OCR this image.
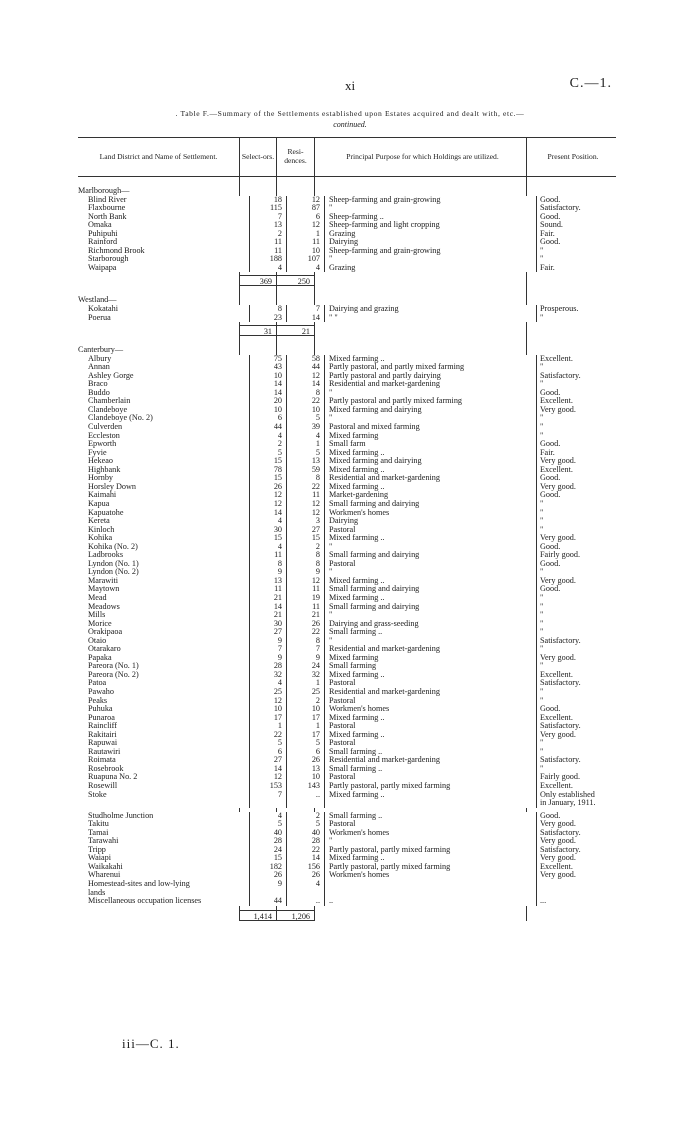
xi	C.—1.
. Table F.—Summary of the Settlements established upon Estates acquired and dealt with, etc.—
continued.
Land District and Name of Settlement.	Select-ors.	Resi-dences.	Principal Purpose for which Holdings are utilized.	Present Position.
Marlborough—
Blind River	18	12	Sheep-farming and grain-growing	Good.
Flaxbourne	115	87	"	Satisfactory.
North Bank	7	6	Sheep-farming ..	Good.
Omaka	13	12	Sheep-farming and light cropping	Sound.
Puhipuhi	2	1	Grazing	Fair.
Rainford	11	11	Dairying	Good.
Richmond Brook	11	10	Sheep-farming and grain-growing	"
Starborough	188	107	"	"
Waipapa	4	4	Grazing	Fair.
369	250
Westland—
Kokatahi	8	7	Dairying and grazing	Prosperous.
Poerua	23	14	" "	"
31	21
Canterbury—
Albury	75	58	Mixed farming ..	Excellent.
Annan	43	44	Partly pastoral, and partly mixed farming	"
Ashley Gorge	10	12	Partly pastoral and partly dairying	Satisfactory.
Braco	14	14	Residential and market-gardening	"
Buddo	14	8	"	Good.
Chamberlain	20	22	Partly pastoral and partly mixed farming	Excellent.
Clandeboye	10	10	Mixed farming and dairying	Very good.
Clandeboye (No. 2)	6	5	"	"
Culverden	44	39	Pastoral and mixed farming	"
Eccleston	4	4	Mixed farming	"
Epworth	2	1	Small farm	Good.
Fyvie	5	5	Mixed farming ..	Fair.
Hekeao	15	13	Mixed farming and dairying	Very good.
Highbank	78	59	Mixed farming ..	Excellent.
Hornby	15	8	Residential and market-gardening	Good.
Horsley Down	26	22	Mixed farming ..	Very good.
Kaimahi	12	11	Market-gardening	Good.
Kapua	12	12	Small farming and dairying	"
Kapuatohe	14	12	Workmen's homes	"
Kereta	4	3	Dairying	"
Kinloch	30	27	Pastoral	"
Kohika	15	15	Mixed farming ..	Very good.
Kohika (No. 2)	4	2	"	Good.
Ladbrooks	11	8	Small farming and dairying	Fairly good.
Lyndon (No. 1)	8	8	Pastoral	Good.
Lyndon (No. 2)	9	9	"	"
Marawiti	13	12	Mixed farming ..	Very good.
Maytown	11	11	Small farming and dairying	Good.
Mead	21	19	Mixed farming ..	"
Meadows	14	11	Small farming and dairying	"
Mills	21	21	"	"
Morice	30	26	Dairying and grass-seeding	"
Orakipaoa	27	22	Small farming ..	"
Otaio	9	8	"	Satisfactory.
Otarakaro	7	7	Residential and market-gardening	"
Papaka	9	9	Mixed farming	Very good.
Pareora (No. 1)	28	24	Small farming	"
Pareora (No. 2)	32	32	Mixed farming ..	Excellent.
Patoa	4	1	Pastoral	Satisfactory.
Pawaho	25	25	Residential and market-gardening	"
Peaks	12	2	Pastoral	"
Puhuka	10	10	Workmen's homes	Good.
Punaroa	17	17	Mixed farming ..	Excellent.
Raincliff	1	1	Pastoral	Satisfactory.
Rakitairi	22	17	Mixed farming ..	Very good.
Rapuwai	5	5	Pastoral	"
Rautawiri	6	6	Small farming ..	"
Roimata	27	26	Residential and market-gardening	Satisfactory.
Rosebrook	14	13	Small farming ..	"
Ruapuna No. 2	12	10	Pastoral	Fairly good.
Rosewill	153	143	Partly pastoral, partly mixed farming	Excellent.
Stoke	7	..	Mixed farming ..	Only established
in January, 1911.
Studholme Junction	4	2	Small farming ..	Good.
Takitu	5	5	Pastoral	Very good.
Tamai	40	40	Workmen's homes	Satisfactory.
Tarawahi	28	28	"	Very good.
Tripp	24	22	Partly pastoral, partly mixed farming	Satisfactory.
Waiapi	15	14	Mixed farming ..	Very good.
Waikakahi	182	156	Partly pastoral, partly mixed farming	Excellent.
Wharenui	26	26	Workmen's homes	Very good.
Homestead-sites and low-lying	9	4
lands
Miscellaneous occupation licenses	44	..	..	...
1,414	1,206
iii—C. 1.
